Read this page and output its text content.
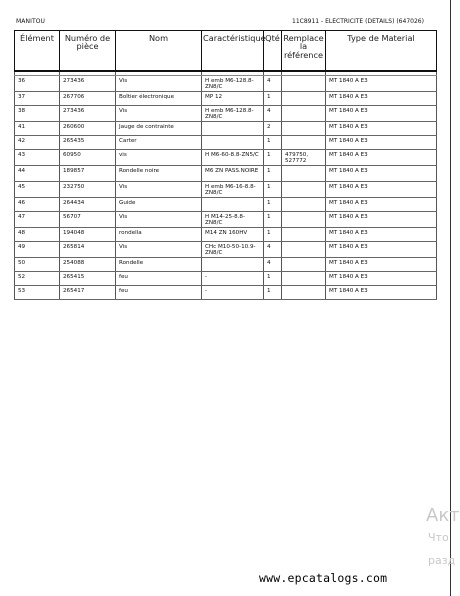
MANITOU	11C8911 - ELECTRICITE (DETAILS) (647026)
Élément	Numéro de pièce	Nom	Caractéristique	Qté	Remplace la référence	Type de Material

36	273436	Vis	H emb M6-128.8-ZN8/C	4		MT 1840 A E3
37	267706	Boîtier électronique	MP 12	1		MT 1840 A E3
38	273436	Vis	H emb M6-128.8-ZN8/C	4		MT 1840 A E3
41	260600	Jauge de contrainte		2		MT 1840 A E3
42	265435	Carter		1		MT 1840 A E3
43	60950	vis	H M6-60-8.8-ZN5/C	1	479750, 527772	MT 1840 A E3
44	189857	Rondelle noire	M6 ZN PASS.NOIRE	1		MT 1840 A E3
45	232750	Vis	H emb M6-16-8.8-ZN8/C	1		MT 1840 A E3
46	264434	Guide		1		MT 1840 A E3
47	56707	Vis	H M14-25-8.8-ZN8/C	1		MT 1840 A E3
48	194048	rondella	M14 ZN 160HV	1		MT 1840 A E3
49	265814	Vis	CHc M10-50-10.9-ZN8/C	4		MT 1840 A E3
50	254088	Rondelle		4		MT 1840 A E3
52	265415	feu	-	1		MT 1840 A E3
53	265417	feu	-	1		MT 1840 A E3
Акт
Что
разд
www.epcatalogs.com
